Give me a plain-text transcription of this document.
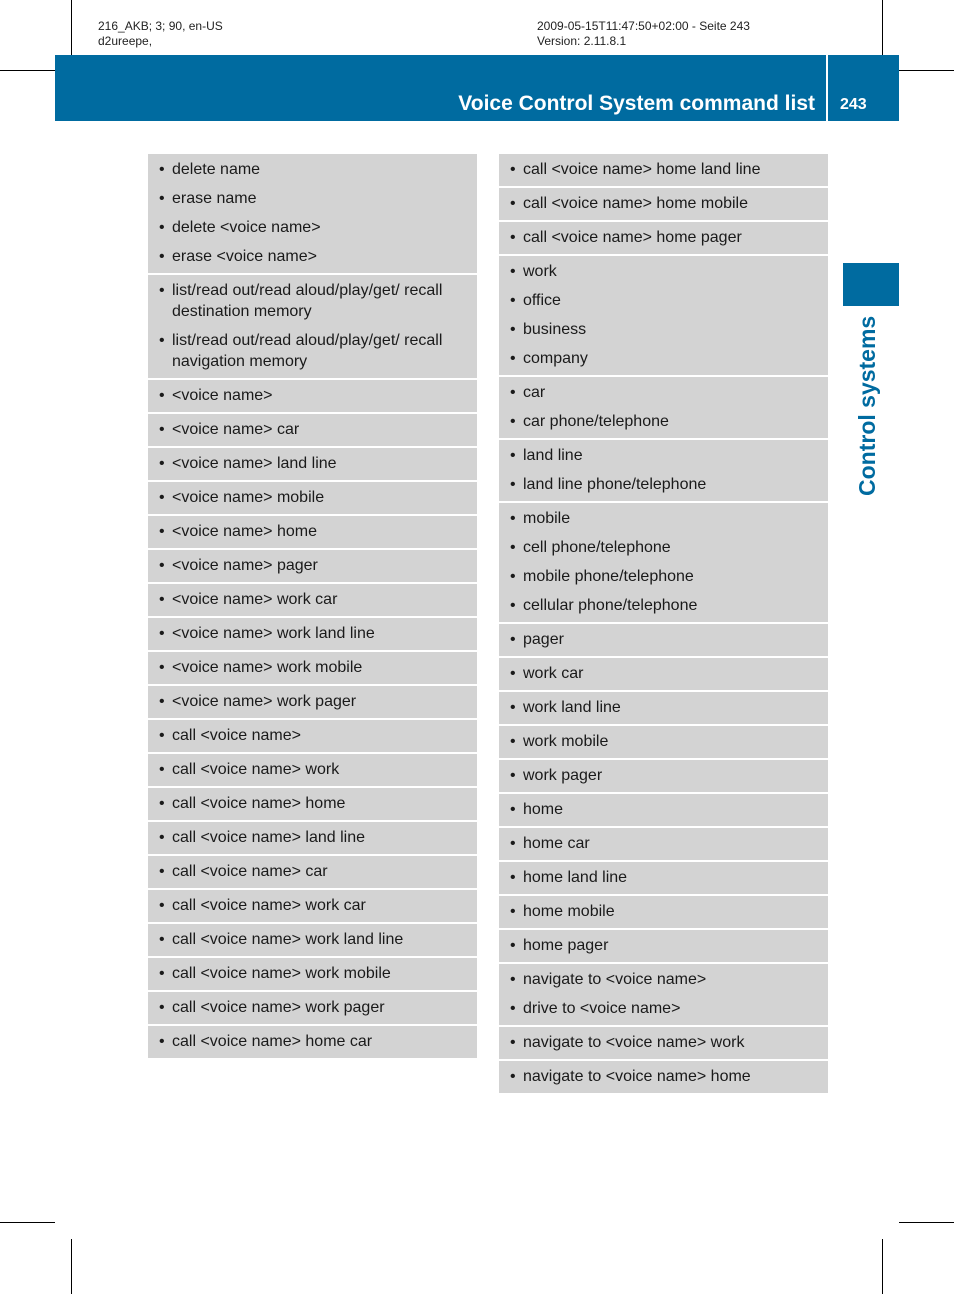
216_AKB; 3; 90, en-US
d2ureepe,
2009-05-15T11:47:50+02:00 - Seite 243
Version: 2.11.8.1
Voice Control System command list 243
Control systems
• delete name
• erase name
• delete <voice name>
• erase <voice name>
• list/read out/read aloud/play/get/ recall destination memory
• list/read out/read aloud/play/get/ recall navigation memory
• <voice name>
• <voice name> car
• <voice name> land line
• <voice name> mobile
• <voice name> home
• <voice name> pager
• <voice name> work car
• <voice name> work land line
• <voice name> work mobile
• <voice name> work pager
• call <voice name>
• call <voice name> work
• call <voice name> home
• call <voice name> land line
• call <voice name> car
• call <voice name> work car
• call <voice name> work land line
• call <voice name> work mobile
• call <voice name> work pager
• call <voice name> home car
• call <voice name> home land line
• call <voice name> home mobile
• call <voice name> home pager
• work
• office
• business
• company
• car
• car phone/telephone
• land line
• land line phone/telephone
• mobile
• cell phone/telephone
• mobile phone/telephone
• cellular phone/telephone
• pager
• work car
• work land line
• work mobile
• work pager
• home
• home car
• home land line
• home mobile
• home pager
• navigate to <voice name>
• drive to <voice name>
• navigate to <voice name> work
• navigate to <voice name> home
